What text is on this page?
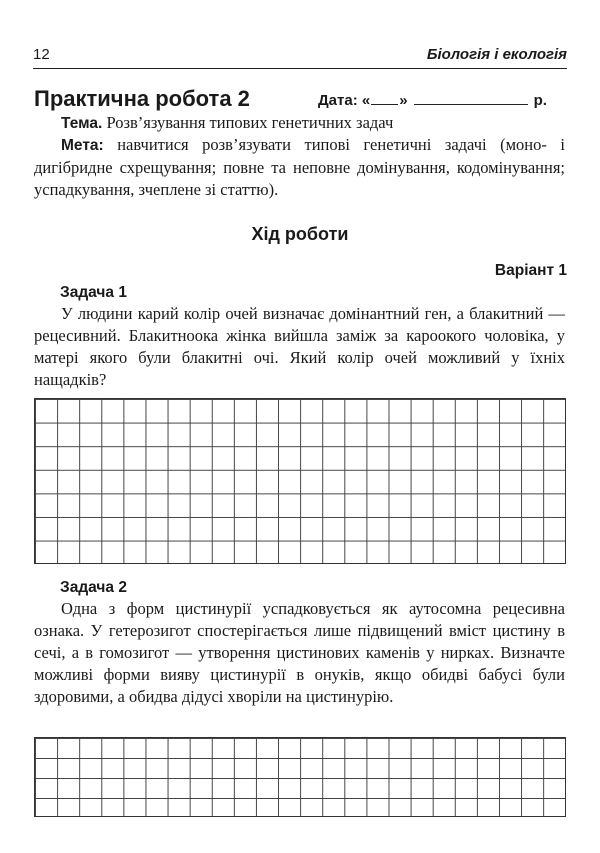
12	Біологія і екологія
Практична робота 2	Дата: « »	р.

Тема. Розв’язування типових генетичних задач

Мета: навчитися розв’язувати типові генетичні задачі (моно- і дигібридне схрещування; повне та неповне домінування, кодомінування; успадкування, зчеплене зі статтю).

Хід роботи
Варіант 1
Задача 1

У людини карий колір очей визначає домінантний ген, а блакитний — рецесивний. Блакитноока жінка вийшла заміж за кароокого чоловіка, у матері якого були блакитні очі. Який колір очей можливий у їхніх нащадків?

Задача 2

Одна з форм цистинурії успадковується як аутосомна рецесивна ознака. У гетерозигот спостерігається лише підвищений вміст цистину в сечі, а в гомозигот — утворення цистинових каменів у нирках. Визначте можливі форми вияву цистинурії в онуків, якщо обидві бабусі були здоровими, а обидва дідусі хворіли на цистинурію.
